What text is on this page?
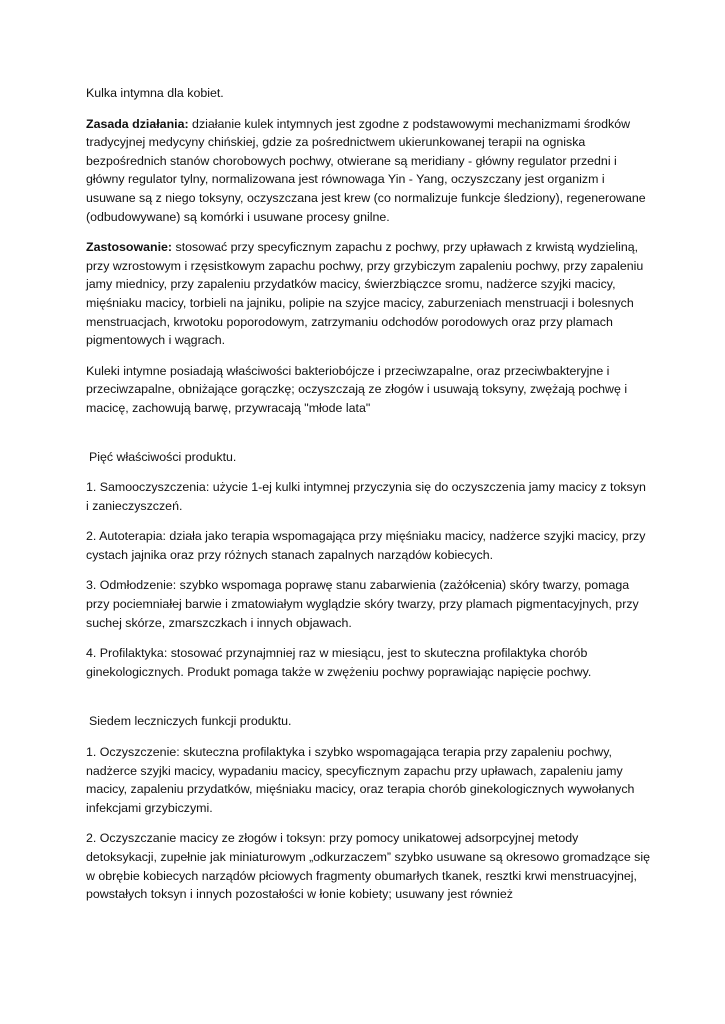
Kulka intymna dla kobiet.

Zasada działania: działanie kulek intymnych jest zgodne z podstawowymi mechanizmami środków tradycyjnej medycyny chińskiej, gdzie za pośrednictwem ukierunkowanej terapii na ogniska bezpośrednich stanów chorobowych pochwy, otwierane są meridiany - główny regulator przedni i główny regulator tylny, normalizowana jest równowaga Yin - Yang, oczyszczany jest organizm i usuwane są z niego toksyny, oczyszczana jest krew (co normalizuje funkcje śledziony), regenerowane (odbudowywane) są komórki i usuwane procesy gnilne.

Zastosowanie: stosować przy specyficznym zapachu z pochwy, przy upławach z krwistą wydzieliną, przy wzrostowym i rzęsistkowym zapachu pochwy, przy grzybiczym zapaleniu pochwy, przy zapaleniu jamy miednicy, przy zapaleniu przydatków macicy, świerzbiączce sromu, nadżerce szyjki macicy, mięśniaku macicy, torbieli na jajniku, polipie na szyjce macicy, zaburzeniach menstruacji i bolesnych menstruacjach, krwotoku poporodowym, zatrzymaniu odchodów porodowych oraz przy plamach pigmentowych i wągrach.

Kuleki intymne posiadają właściwości bakteriobójcze i przeciwzapalne, oraz przeciwbakteryjne i przeciwzapalne, obniżające gorączkę; oczyszczają ze złogów i usuwają toksyny, zwężają pochwę i macicę, zachowują barwę, przywracają "młode lata"

Pięć właściwości produktu.

1. Samooczyszczenia: użycie 1-ej kulki intymnej przyczynia się do oczyszczenia jamy macicy z toksyn i zanieczyszczeń.

2. Autoterapia: działa jako terapia wspomagająca przy mięśniaku macicy, nadżerce szyjki macicy, przy cystach jajnika oraz przy różnych stanach zapalnych narządów kobiecych.

3. Odmłodzenie: szybko wspomaga poprawę stanu zabarwienia (zażółcenia) skóry twarzy, pomaga przy pociemniałej barwie i zmatowiałym wyglądzie skóry twarzy, przy plamach pigmentacyjnych, przy suchej skórze, zmarszczkach i innych objawach.

4. Profilaktyka: stosować przynajmniej raz w miesiącu, jest to skuteczna profilaktyka chorób ginekologicznych. Produkt pomaga także w zwężeniu pochwy poprawiając napięcie pochwy.

Siedem leczniczych funkcji produktu.

1. Oczyszczenie: skuteczna profilaktyka i szybko wspomagająca terapia przy zapaleniu pochwy, nadżerce szyjki macicy, wypadaniu macicy, specyficznym zapachu przy upławach, zapaleniu jamy macicy, zapaleniu przydatków, mięśniaku macicy, oraz terapia chorób ginekologicznych wywołanych infekcjami grzybiczymi.

2. Oczyszczanie macicy ze złogów i toksyn: przy pomocy unikatowej adsorpcyjnej metody detoksykacji, zupełnie jak miniaturowym „odkurzaczem” szybko usuwane są okresowo gromadzące się w obrębie kobiecych narządów płciowych fragmenty obumarłych tkanek, resztki krwi menstruacyjnej, powstałych toksyn i innych pozostałości w łonie kobiety; usuwany jest również
